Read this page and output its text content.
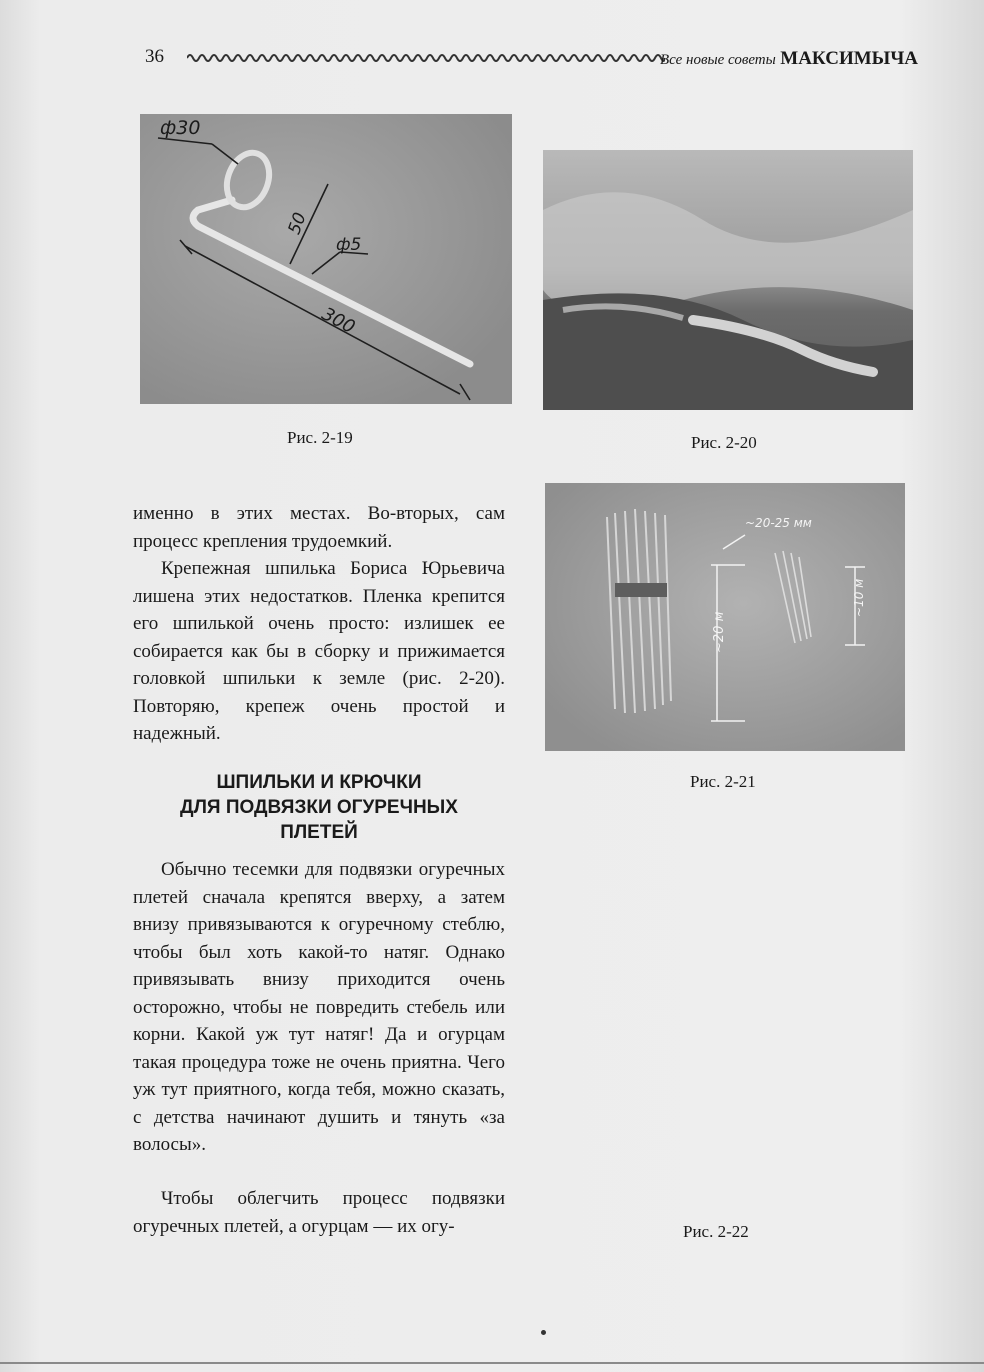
36	Все новые советы МАКСИМЫЧА
ф30
50
ф5
300
Рис. 2-19	Рис. 2-20
~20-25 мм
~20 м
~10 м
Рис. 2-21
Рис. 2-22

именно в этих местах. Во-вторых, сам процесс крепления трудоемкий.

Крепежная шпилька Бориса Юрьевича лишена этих недостатков. Пленка крепится его шпилькой очень просто: излишек ее собирается как бы в сборку и прижимается головкой шпильки к земле (рис. 2-20). Повторяю, крепеж очень простой и надежный.

ШПИЛЬКИ И КРЮЧКИ
ДЛЯ ПОДВЯЗКИ ОГУРЕЧНЫХ
ПЛЕТЕЙ

Обычно тесемки для подвязки огуречных плетей сначала крепятся вверху, а затем внизу привязываются к огуречному стеблю, чтобы был хоть какой-то натяг. Однако привязывать внизу приходится очень осторожно, чтобы не повредить стебель или корни. Какой уж тут натяг! Да и огурцам такая процедура тоже не очень приятна. Чего уж тут приятного, когда тебя, можно сказать, с детства начинают душить и тянуть «за волосы».

Чтобы облегчить процесс подвязки огуречных плетей, а огурцам — их огу-
